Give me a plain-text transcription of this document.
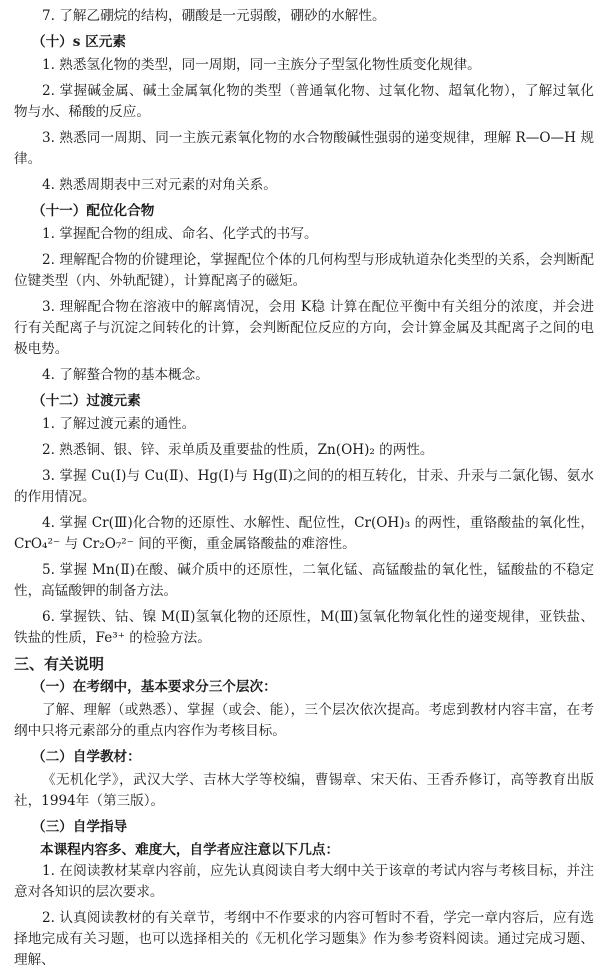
7. 了解乙硼烷的结构，硼酸是一元弱酸，硼砂的水解性。

（十）s 区元素

1. 熟悉氢化物的类型，同一周期，同一主族分子型氢化物性质变化规律。

2. 掌握碱金属、碱土金属氧化物的类型（普通氧化物、过氧化物、超氧化物），了解过氧化物与水、稀酸的反应。

3. 熟悉同一周期、同一主族元素氧化物的水合物酸碱性强弱的递变规律，理解 R—O—H 规律。

4. 熟悉周期表中三对元素的对角关系。

（十一）配位化合物

1. 掌握配合物的组成、命名、化学式的书写。

2. 理解配合物的价键理论，掌握配位个体的几何构型与形成轨道杂化类型的关系，会判断配位键类型（内、外轨配键），计算配离子的磁矩。

3. 理解配合物在溶液中的解离情况，会用 K稳 计算在配位平衡中有关组分的浓度，并会进行有关配离子与沉淀之间转化的计算，会判断配位反应的方向，会计算金属及其配离子之间的电极电势。

4. 了解螯合物的基本概念。

（十二）过渡元素

1. 了解过渡元素的通性。

2. 熟悉铜、银、锌、汞单质及重要盐的性质，Zn(OH)₂ 的两性。

3. 掌握 Cu(Ⅰ)与 Cu(Ⅱ)、Hg(Ⅰ)与 Hg(Ⅱ)之间的的相互转化，甘汞、升汞与二氯化锡、氨水的作用情况。

4. 掌握 Cr(Ⅲ)化合物的还原性、水解性、配位性，Cr(OH)₃ 的两性，重铬酸盐的氧化性，CrO₄²⁻ 与 Cr₂O₇²⁻ 间的平衡，重金属铬酸盐的难溶性。

5. 掌握 Mn(Ⅱ)在酸、碱介质中的还原性，二氧化锰、高锰酸盐的氧化性，锰酸盐的不稳定性，高锰酸钾的制备方法。

6. 掌握铁、钴、镍 M(Ⅱ)氢氧化物的还原性，M(Ⅲ)氢氧化物氧化性的递变规律，亚铁盐、铁盐的性质，Fe³⁺ 的检验方法。

三、有关说明

（一）在考纲中，基本要求分三个层次：

了解、理解（或熟悉）、掌握（或会、能），三个层次依次提高。考虑到教材内容丰富，在考纲中只将元素部分的重点内容作为考核目标。

（二）自学教材：

《无机化学》，武汉大学、吉林大学等校编，曹锡章、宋天佑、王香乔修订，高等教育出版社，1994年（第三版）。

（三）自学指导

本课程内容多、难度大，自学者应注意以下几点：

1. 在阅读教材某章内容前，应先认真阅读自考大纲中关于该章的考试内容与考核目标，并注意对各知识的层次要求。

2. 认真阅读教材的有关章节，考纲中不作要求的内容可暂时不看，学完一章内容后，应有选择地完成有关习题，也可以选择相关的《无机化学习题集》作为参考资料阅读。通过完成习题、理解、
